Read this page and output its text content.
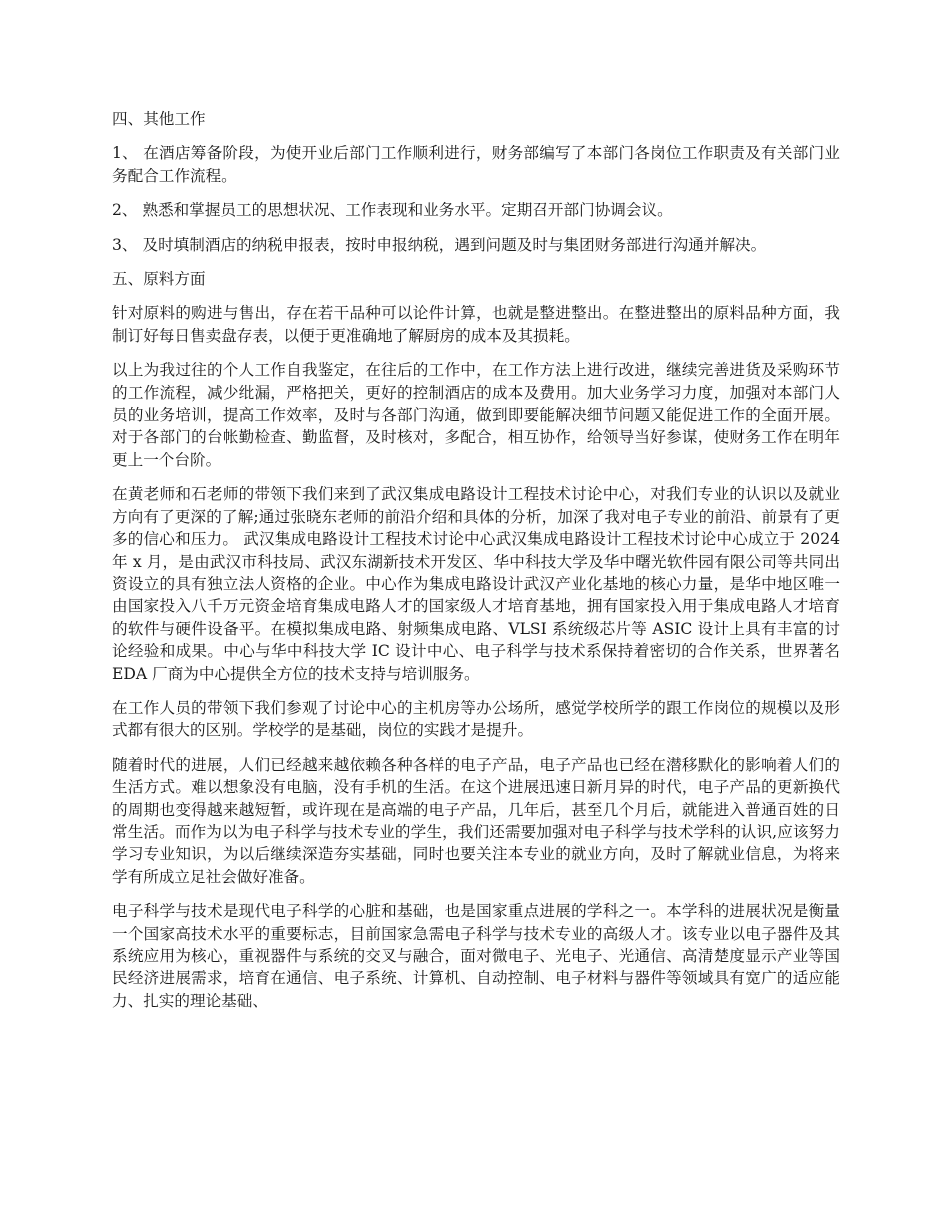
四、其他工作

1、 在酒店筹备阶段，为使开业后部门工作顺利进行，财务部编写了本部门各岗位工作职责及有关部门业务配合工作流程。

2、 熟悉和掌握员工的思想状况、工作表现和业务水平。定期召开部门协调会议。

3、 及时填制酒店的纳税申报表，按时申报纳税，遇到问题及时与集团财务部进行沟通并解决。

五、原料方面

针对原料的购进与售出，存在若干品种可以论件计算，也就是整进整出。在整进整出的原料品种方面，我制订好每日售卖盘存表，以便于更准确地了解厨房的成本及其损耗。

以上为我过往的个人工作自我鉴定，在往后的工作中，在工作方法上进行改进，继续完善进货及采购环节的工作流程，减少纰漏，严格把关，更好的控制酒店的成本及费用。加大业务学习力度，加强对本部门人员的业务培训，提高工作效率，及时与各部门沟通，做到即要能解决细节问题又能促进工作的全面开展。对于各部门的台帐勤检查、勤监督，及时核对，多配合，相互协作，给领导当好参谋，使财务工作在明年更上一个台阶。

在黄老师和石老师的带领下我们来到了武汉集成电路设计工程技术讨论中心，对我们专业的认识以及就业方向有了更深的了解;通过张晓东老师的前沿介绍和具体的分析，加深了我对电子专业的前沿、前景有了更多的信心和压力。 武汉集成电路设计工程技术讨论中心武汉集成电路设计工程技术讨论中心成立于 2024 年 x 月，是由武汉市科技局、武汉东湖新技术开发区、华中科技大学及华中曙光软件园有限公司等共同出资设立的具有独立法人资格的企业。中心作为集成电路设计武汉产业化基地的核心力量，是华中地区唯一由国家投入八千万元资金培育集成电路人才的国家级人才培育基地，拥有国家投入用于集成电路人才培育的软件与硬件设备平。在模拟集成电路、射频集成电路、VLSI 系统级芯片等 ASIC 设计上具有丰富的讨论经验和成果。中心与华中科技大学 IC 设计中心、电子科学与技术系保持着密切的合作关系，世界著名 EDA 厂商为中心提供全方位的技术支持与培训服务。

在工作人员的带领下我们参观了讨论中心的主机房等办公场所，感觉学校所学的跟工作岗位的规模以及形式都有很大的区别。学校学的是基础，岗位的实践才是提升。

随着时代的进展，人们已经越来越依赖各种各样的电子产品，电子产品也已经在潜移默化的影响着人们的生活方式。难以想象没有电脑，没有手机的生活。在这个进展迅速日新月异的时代，电子产品的更新换代的周期也变得越来越短暂，或许现在是高端的电子产品，几年后，甚至几个月后，就能进入普通百姓的日常生活。而作为以为电子科学与技术专业的学生，我们还需要加强对电子科学与技术学科的认识,应该努力学习专业知识，为以后继续深造夯实基础，同时也要关注本专业的就业方向，及时了解就业信息，为将来学有所成立足社会做好准备。

电子科学与技术是现代电子科学的心脏和基础，也是国家重点进展的学科之一。本学科的进展状况是衡量一个国家高技术水平的重要标志，目前国家急需电子科学与技术专业的高级人才。该专业以电子器件及其系统应用为核心，重视器件与系统的交叉与融合，面对微电子、光电子、光通信、高清楚度显示产业等国民经济进展需求，培育在通信、电子系统、计算机、自动控制、电子材料与器件等领域具有宽广的适应能力、扎实的理论基础、
